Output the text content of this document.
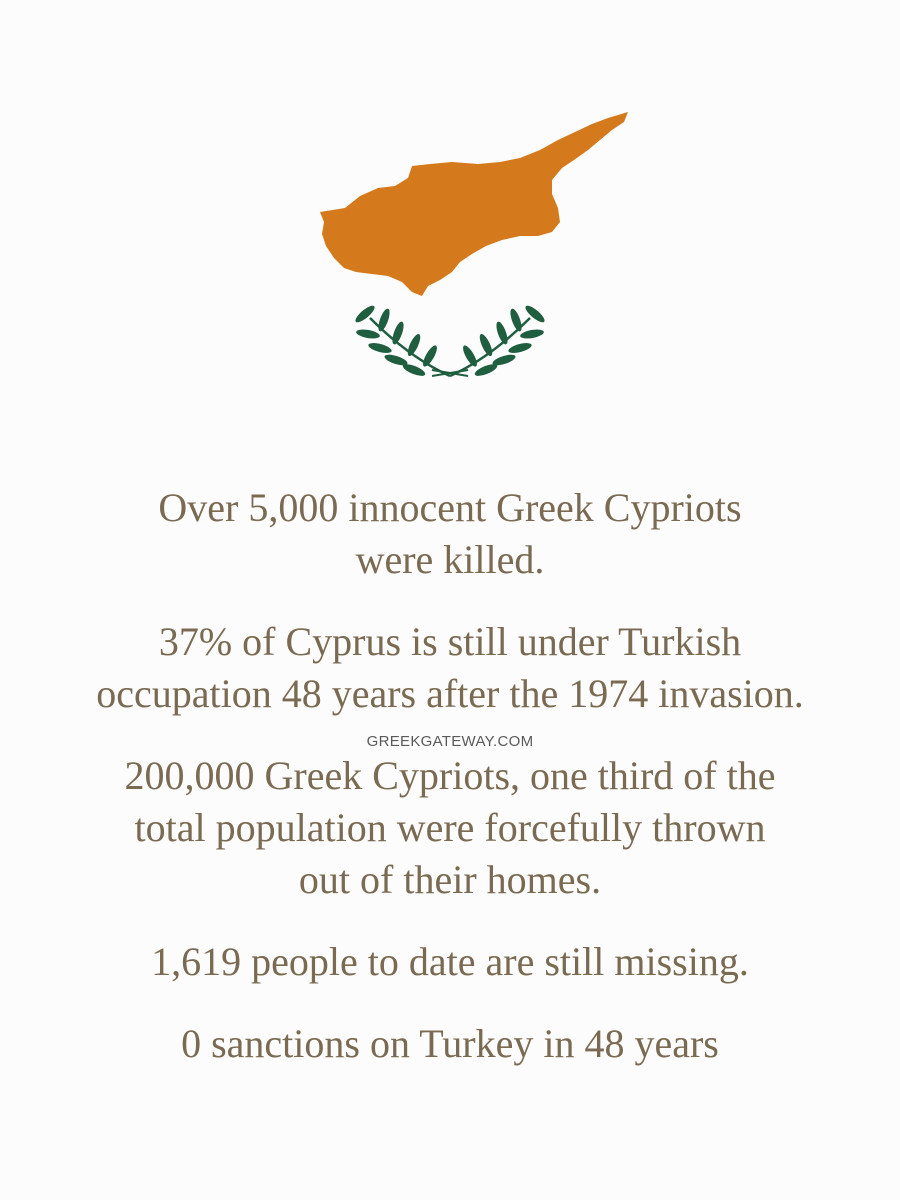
Over 5,000 innocent Greek Cypriots
were killed.

37% of Cyprus is still under Turkish
occupation 48 years after the 1974 invasion.

200,000 Greek Cypriots, one third of the
total population were forcefully thrown
out of their homes.

1,619 people to date are still missing.

0 sanctions on Turkey in 48 years

GREEKGATEWAY.COM
